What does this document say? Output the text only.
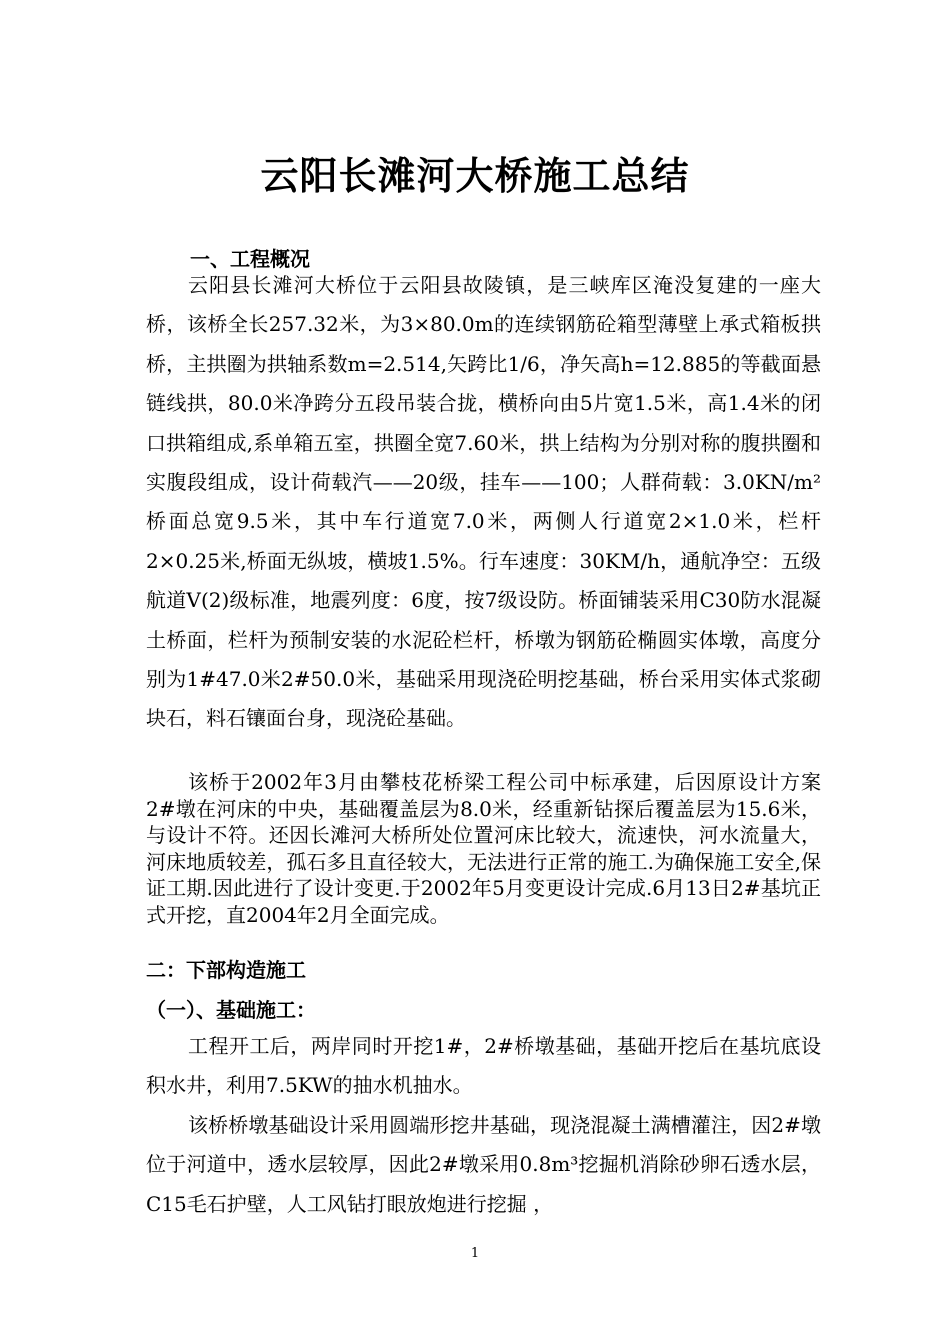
云阳长滩河大桥施工总结
一、工程概况

云阳县长滩河大桥位于云阳县故陵镇，是三峡库区淹没复建的一座大桥，该桥全长257.32米，为3×80.0m的连续钢筋砼箱型薄壁上承式箱板拱桥，主拱圈为拱轴系数m=2.514,矢跨比1/6，净矢高h=12.885的等截面悬链线拱，80.0米净跨分五段吊装合拢，横桥向由5片宽1.5米，高1.4米的闭口拱箱组成,系单箱五室，拱圈全宽7.60米，拱上结构为分别对称的腹拱圈和实腹段组成，设计荷载汽——20级，挂车——100；人群荷载：3.0KN/m²桥面总宽9.5米，其中车行道宽7.0米，两侧人行道宽2×1.0米，栏杆2×0.25米,桥面无纵坡，横坡1.5%。行车速度：30KM/h，通航净空：五级航道Ⅴ(2)级标准，地震列度：6度，按7级设防。桥面铺装采用C30防水混凝土桥面，栏杆为预制安装的水泥砼栏杆，桥墩为钢筋砼椭圆实体墩，高度分别为1#47.0米2#50.0米，基础采用现浇砼明挖基础，桥台采用实体式浆砌块石，料石镶面台身，现浇砼基础。

该桥于2002年3月由攀枝花桥梁工程公司中标承建，后因原设计方案2#墩在河床的中央，基础覆盖层为8.0米，经重新钻探后覆盖层为15.6米，与设计不符。还因长滩河大桥所处位置河床比较大，流速快，河水流量大，河床地质较差，孤石多且直径较大，无法进行正常的施工.为确保施工安全,保证工期.因此进行了设计变更.于2002年5月变更设计完成.6月13日2#基坑正式开挖，直2004年2月全面完成。

二：下部构造施工
（一）、基础施工：

工程开工后，两岸同时开挖1#，2#桥墩基础，基础开挖后在基坑底设积水井，利用7.5KW的抽水机抽水。

该桥桥墩基础设计采用圆端形挖井基础，现浇混凝土满槽灌注，因2#墩位于河道中，透水层较厚，因此2#墩采用0.8m³挖掘机消除砂卵石透水层，C15毛石护壁，人工风钻打眼放炮进行挖掘 ，

1
